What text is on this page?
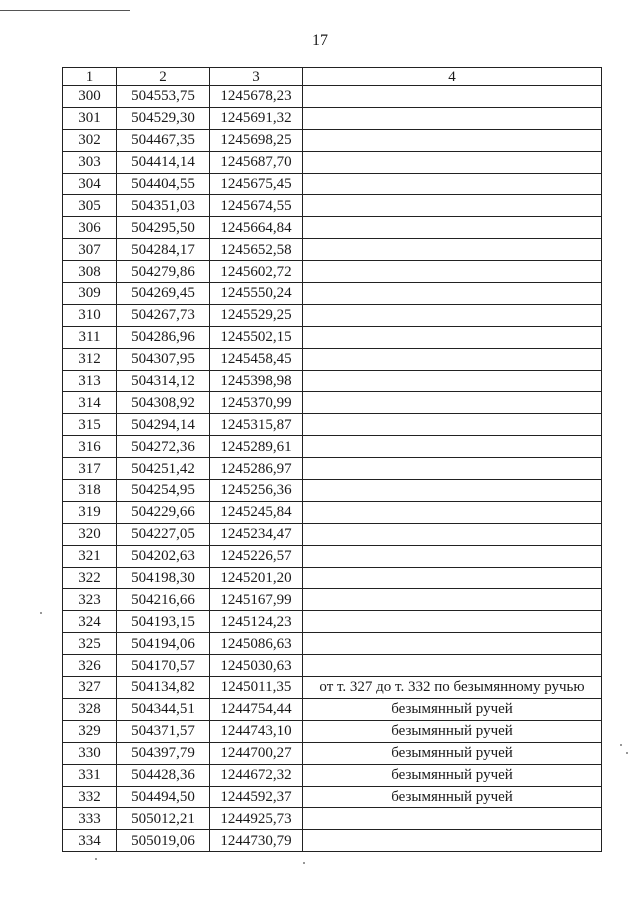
17
1	2	3	4
300	504553,75	1245678,23	
301	504529,30	1245691,32	
302	504467,35	1245698,25	
303	504414,14	1245687,70	
304	504404,55	1245675,45	
305	504351,03	1245674,55	
306	504295,50	1245664,84	
307	504284,17	1245652,58	
308	504279,86	1245602,72	
309	504269,45	1245550,24	
310	504267,73	1245529,25	
311	504286,96	1245502,15	
312	504307,95	1245458,45	
313	504314,12	1245398,98	
314	504308,92	1245370,99	
315	504294,14	1245315,87	
316	504272,36	1245289,61	
317	504251,42	1245286,97	
318	504254,95	1245256,36	
319	504229,66	1245245,84	
320	504227,05	1245234,47	
321	504202,63	1245226,57	
322	504198,30	1245201,20	
323	504216,66	1245167,99	
324	504193,15	1245124,23	
325	504194,06	1245086,63	
326	504170,57	1245030,63	
327	504134,82	1245011,35	от т. 327 до т. 332 по безымянному ручью
328	504344,51	1244754,44	безымянный ручей
329	504371,57	1244743,10	безымянный ручей
330	504397,79	1244700,27	безымянный ручей
331	504428,36	1244672,32	безымянный ручей
332	504494,50	1244592,37	безымянный ручей
333	505012,21	1244925,73	
334	505019,06	1244730,79	
